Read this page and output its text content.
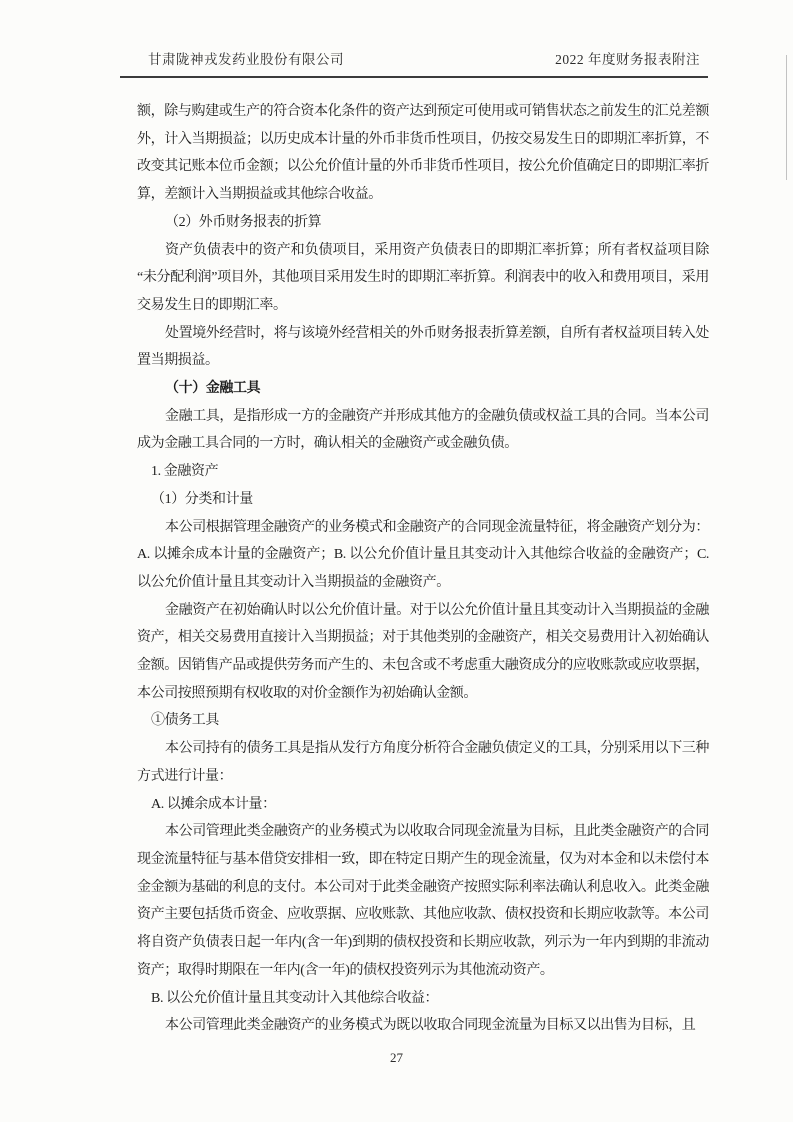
甘肃陇神戎发药业股份有限公司	2022 年度财务报表附注

额，除与购建或生产的符合资本化条件的资产达到预定可使用或可销售状态之前发生的汇兑差额外，计入当期损益；以历史成本计量的外币非货币性项目，仍按交易发生日的即期汇率折算，不改变其记账本位币金额；以公允价值计量的外币非货币性项目，按公允价值确定日的即期汇率折算，差额计入当期损益或其他综合收益。

（2）外币财务报表的折算

资产负债表中的资产和负债项目，采用资产负债表日的即期汇率折算；所有者权益项目除“未分配利润”项目外，其他项目采用发生时的即期汇率折算。利润表中的收入和费用项目，采用交易发生日的即期汇率。

处置境外经营时，将与该境外经营相关的外币财务报表折算差额，自所有者权益项目转入处置当期损益。

（十）金融工具

金融工具，是指形成一方的金融资产并形成其他方的金融负债或权益工具的合同。当本公司成为金融工具合同的一方时，确认相关的金融资产或金融负债。

1. 金融资产

（1）分类和计量

本公司根据管理金融资产的业务模式和金融资产的合同现金流量特征，将金融资产划分为：A. 以摊余成本计量的金融资产；B. 以公允价值计量且其变动计入其他综合收益的金融资产；C. 以公允价值计量且其变动计入当期损益的金融资产。

金融资产在初始确认时以公允价值计量。对于以公允价值计量且其变动计入当期损益的金融资产，相关交易费用直接计入当期损益；对于其他类别的金融资产，相关交易费用计入初始确认金额。因销售产品或提供劳务而产生的、未包含或不考虑重大融资成分的应收账款或应收票据，本公司按照预期有权收取的对价金额作为初始确认金额。

①债务工具

本公司持有的债务工具是指从发行方角度分析符合金融负债定义的工具，分别采用以下三种方式进行计量：

A. 以摊余成本计量：

本公司管理此类金融资产的业务模式为以收取合同现金流量为目标，且此类金融资产的合同现金流量特征与基本借贷安排相一致，即在特定日期产生的现金流量，仅为对本金和以未偿付本金金额为基础的利息的支付。本公司对于此类金融资产按照实际利率法确认利息收入。此类金融资产主要包括货币资金、应收票据、应收账款、其他应收款、债权投资和长期应收款等。本公司将自资产负债表日起一年内(含一年)到期的债权投资和长期应收款，列示为一年内到期的非流动资产；取得时期限在一年内(含一年)的债权投资列示为其他流动资产。

B. 以公允价值计量且其变动计入其他综合收益：

本公司管理此类金融资产的业务模式为既以收取合同现金流量为目标又以出售为目标，且

27
